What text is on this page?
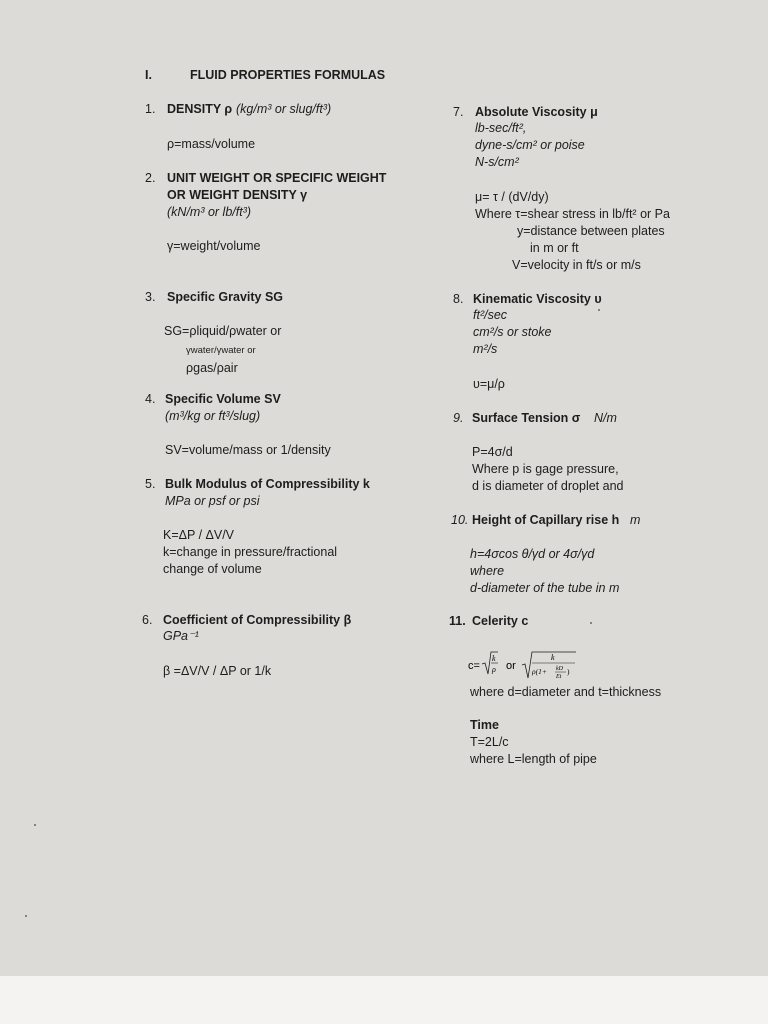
I.	FLUID PROPERTIES FORMULAS
1. DENSITY ρ (kg/m³ or slug/ft³)
ρ=mass/volume
2. UNIT WEIGHT OR SPECIFIC WEIGHT
OR WEIGHT DENSITY γ
(kN/m³ or lb/ft³)
γ=weight/volume
3. Specific Gravity SG
SG=ρliquid/ρwater or
γwater/γwater or
ρgas/ρair
4. Specific Volume SV
(m³/kg or ft³/slug)
SV=volume/mass or 1/density
5. Bulk Modulus of Compressibility k
MPa or psf or psi
K=ΔP / ΔV/V
k=change in pressure/fractional
change of volume
6. Coefficient of Compressibility β
GPa⁻¹
β =ΔV/V / ΔP or 1/k
7. Absolute Viscosity μ
lb-sec/ft²,
dyne-s/cm² or poise
N-s/cm²
μ= τ / (dV/dy)
Where τ=shear stress in lb/ft² or Pa
y=distance between plates
in m or ft
V=velocity in ft/s or m/s
8. Kinematic Viscosity υ
ft²/sec
cm²/s or stoke
m²/s
υ=μ/ρ
9. Surface Tension σ N/m
P=4σ/d
Where p is gage pressure,
d is diameter of droplet and
10. Height of Capillary rise h m
h=4σcos θ/γd or 4σ/γd
where
d-diameter of the tube in m
11. Celerity c
c=
k
ρ or
k
ρ(1+ kD
Et
)
where d=diameter and t=thickness
Time
T=2L/c
where L=length of pipe
